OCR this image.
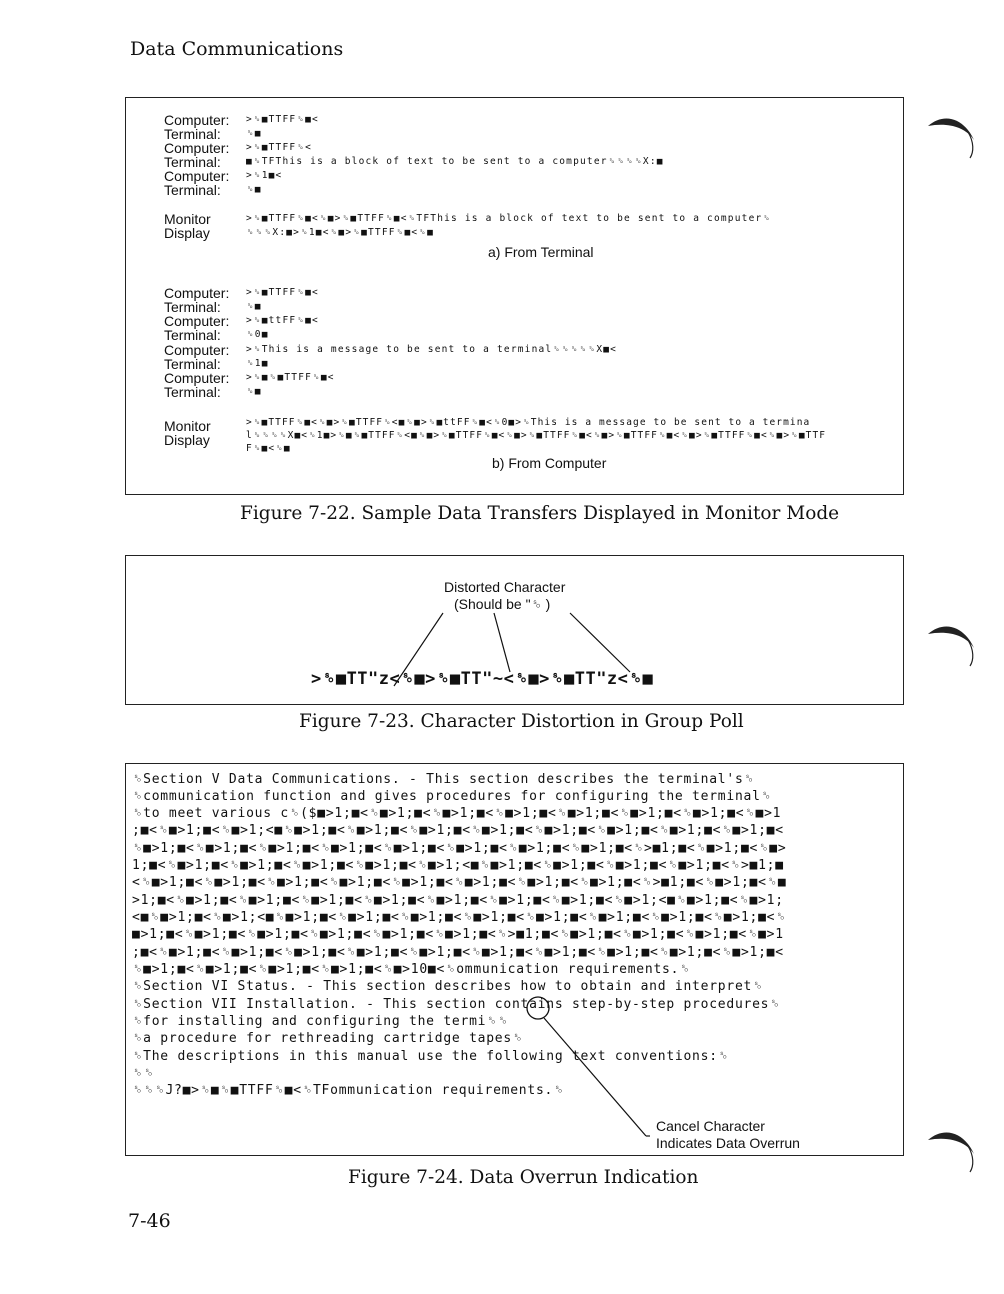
Data Communications
Computer: >␎■TTFF␎■<
Terminal:	␎■
Computer: >␎■TTFF␎<
Terminal:	■␎TFThis is a block of text to be sent to a computer␎␎␎␎X:■
Computer: >␎1■<
Terminal:	␎■
Monitor
Display
>␎■TTFF␎■<␎■>␎■TTFF␎■<␎TFThis is a block of text to be sent to a computer␎
␎␎␎X:■>␎1■<␎■>␎■TTFF␎■<␎■
a) From Terminal
Computer: >␎■TTFF␎■<
Terminal:	␎■
Computer: >␎■ttFF␎■<
Terminal:	␎0■
Computer: >␎This is a message to be sent to a terminal␎␎␎␎␎X■<
Terminal:	␎1■
Computer: >␎■␎■TTFF␎■<
Terminal:	␎■
Monitor
Display
>␎■TTFF␎■<␎■>␎■TTFF␎<■␎■>␎■ttFF␎■<␎0■>␎This is a message to be sent to a termina
l␎␎␎␎X■<␎1■>␎■␎■TTFF␎<■␎■>␎■TTFF␎■<␎■>␎■TTFF␎■<␎■>␎■TTFF␎■<␎■>␎■TTFF␎■<␎■>␎■TTF
F␎■<␎■
b) From Computer
Figure 7-22. Sample Data Transfers Displayed in Monitor Mode
Distorted Character
(Should be "␎ )
>␎■TT"z<␎■>␎■TT"~<␎■>␎■TT"z<␎■
Figure 7-23. Character Distortion in Group Poll
␎Section V Data Communications. - This section describes the terminal's␎
␎communication function and gives procedures for configuring the terminal␎
␎to meet various c␎($■>1;■<␎■>1;■<␎■>1;■<␎■>1;■<␎■>1;■<␎■>1;■<␎■>1;■<␎■>1
;■<␎■>1;■<␎■>1;<■␎■>1;■<␎■>1;■<␎■>1;■<␎■>1;■<␎■>1;■<␎■>1;■<␎■>1;■<␎■>1;■<
␎■>1;■<␎■>1;■<␎■>1;■<␎■>1;■<␎■>1;■<␎■>1;■<␎■>1;■<␎■>1;■<␎>■1;■<␎■>1;■<␎■>
1;■<␎■>1;■<␎■>1;■<␎■>1;■<␎■>1;■<␎■>1;<■␎■>1;■<␎■>1;■<␎■>1;■<␎■>1;■<␎>■1;■
<␎■>1;■<␎■>1;■<␎■>1;■<␎■>1;■<␎■>1;■<␎■>1;■<␎■>1;■<␎■>1;■<␎>■1;■<␎■>1;■<␎■
>1;■<␎■>1;■<␎■>1;■<␎■>1;■<␎■>1;■<␎■>1;■<␎■>1;■<␎■>1;■<␎■>1;<■␎■>1;■<␎■>1;
<■␎■>1;■<␎■>1;<■␎■>1;■<␎■>1;■<␎■>1;■<␎■>1;■<␎■>1;■<␎■>1;■<␎■>1;■<␎■>1;■<␎
■>1;■<␎■>1;■<␎■>1;■<␎■>1;■<␎■>1;■<␎■>1;■<␎>■1;■<␎■>1;■<␎■>1;■<␎■>1;■<␎■>1
;■<␎■>1;■<␎■>1;■<␎■>1;■<␎■>1;■<␎■>1;■<␎■>1;■<␎■>1;■<␎■>1;■<␎■>1;■<␎■>1;■<
␎■>1;■<␎■>1;■<␎■>1;■<␎■>1;■<␎■>10■<␎ommunication requirements.␎
␎Section VI Status. - This section describes how to obtain and interpret␎
␎Section VII Installation. - This section contains step-by-step procedures␎
␎for installing and configuring the termi␎␎
␎a procedure for rethreading cartridge tapes␎
␎The descriptions in this manual use the following text conventions:␎
␎␎
␎␎␎J?■>␎■␎■TTFF␎■<␎TFommunication requirements.␎
Cancel Character
Indicates Data Overrun
Figure 7-24. Data Overrun Indication
7-46
